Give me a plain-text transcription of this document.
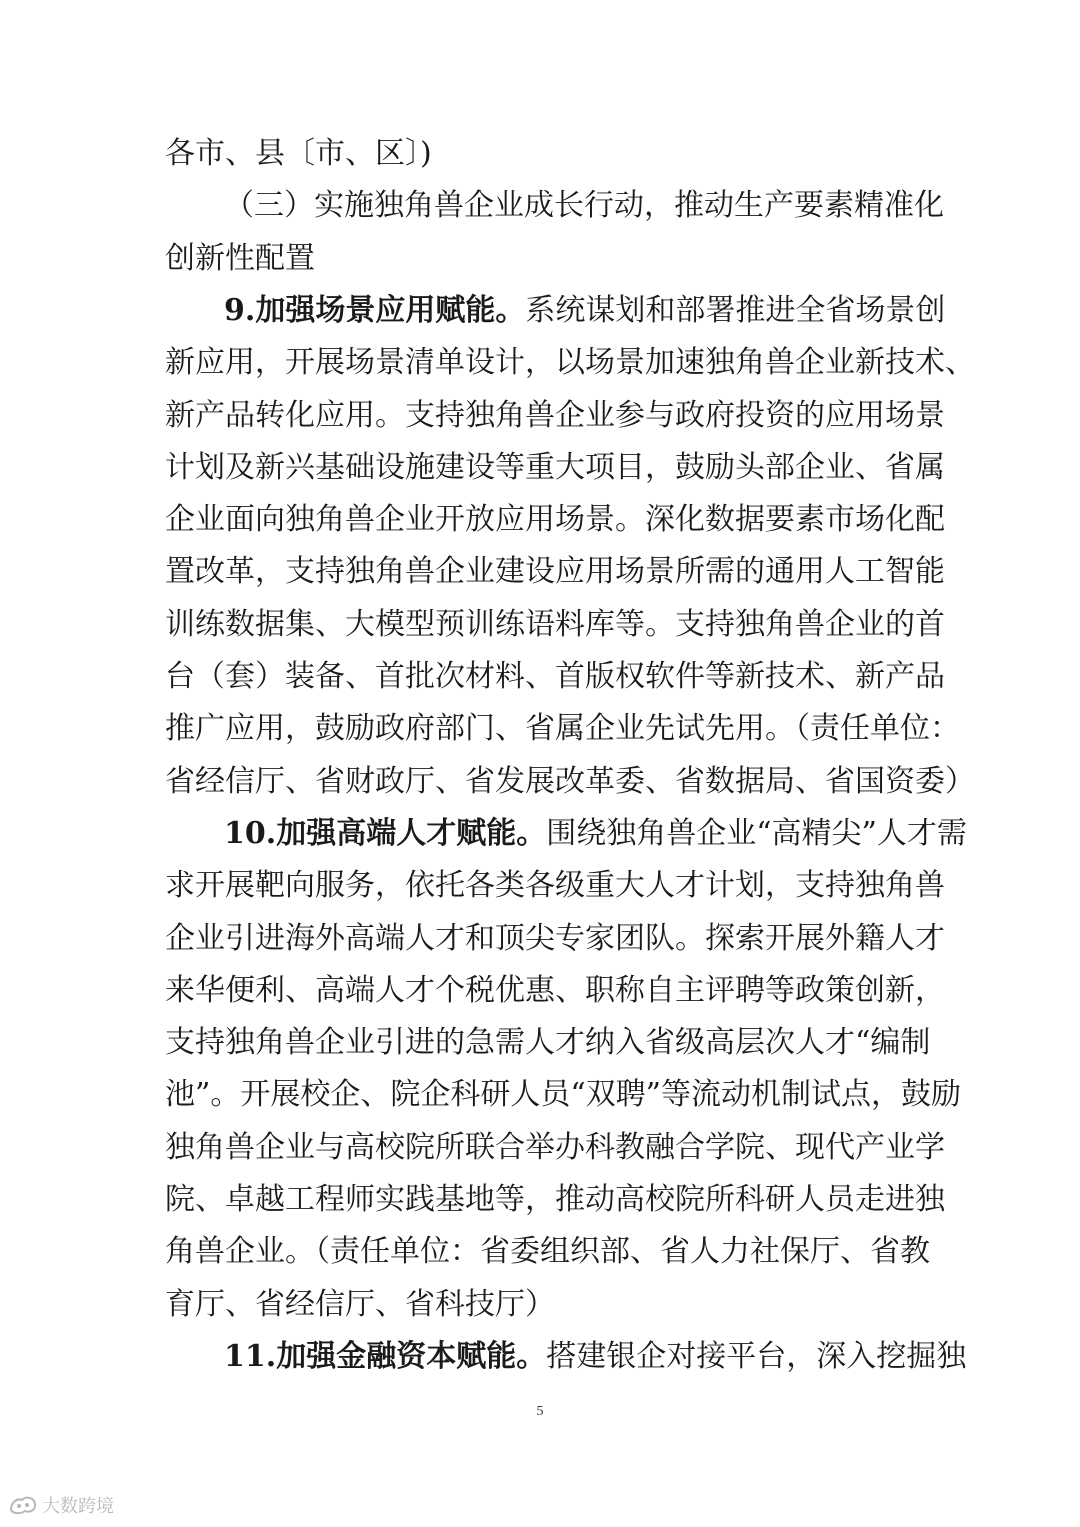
各市、县〔市、区〕)
（三）实施独角兽企业成长行动，推动生产要素精准化
创新性配置
9.加强场景应用赋能。系统谋划和部署推进全省场景创
新应用，开展场景清单设计，以场景加速独角兽企业新技术、
新产品转化应用。支持独角兽企业参与政府投资的应用场景
计划及新兴基础设施建设等重大项目，鼓励头部企业、省属
企业面向独角兽企业开放应用场景。深化数据要素市场化配
置改革，支持独角兽企业建设应用场景所需的通用人工智能
训练数据集、大模型预训练语料库等。支持独角兽企业的首
台（套）装备、首批次材料、首版权软件等新技术、新产品
推广应用，鼓励政府部门、省属企业先试先用。（责任单位：
省经信厅、省财政厅、省发展改革委、省数据局、省国资委）
10.加强高端人才赋能。围绕独角兽企业“高精尖”人才需
求开展靶向服务，依托各类各级重大人才计划，支持独角兽
企业引进海外高端人才和顶尖专家团队。探索开展外籍人才
来华便利、高端人才个税优惠、职称自主评聘等政策创新，
支持独角兽企业引进的急需人才纳入省级高层次人才“编制
池”。开展校企、院企科研人员“双聘”等流动机制试点，鼓励
独角兽企业与高校院所联合举办科教融合学院、现代产业学
院、卓越工程师实践基地等，推动高校院所科研人员走进独
角兽企业。（责任单位：省委组织部、省人力社保厅、省教
育厅、省经信厅、省科技厅）
11.加强金融资本赋能。搭建银企对接平台，深入挖掘独
5
大数跨境
